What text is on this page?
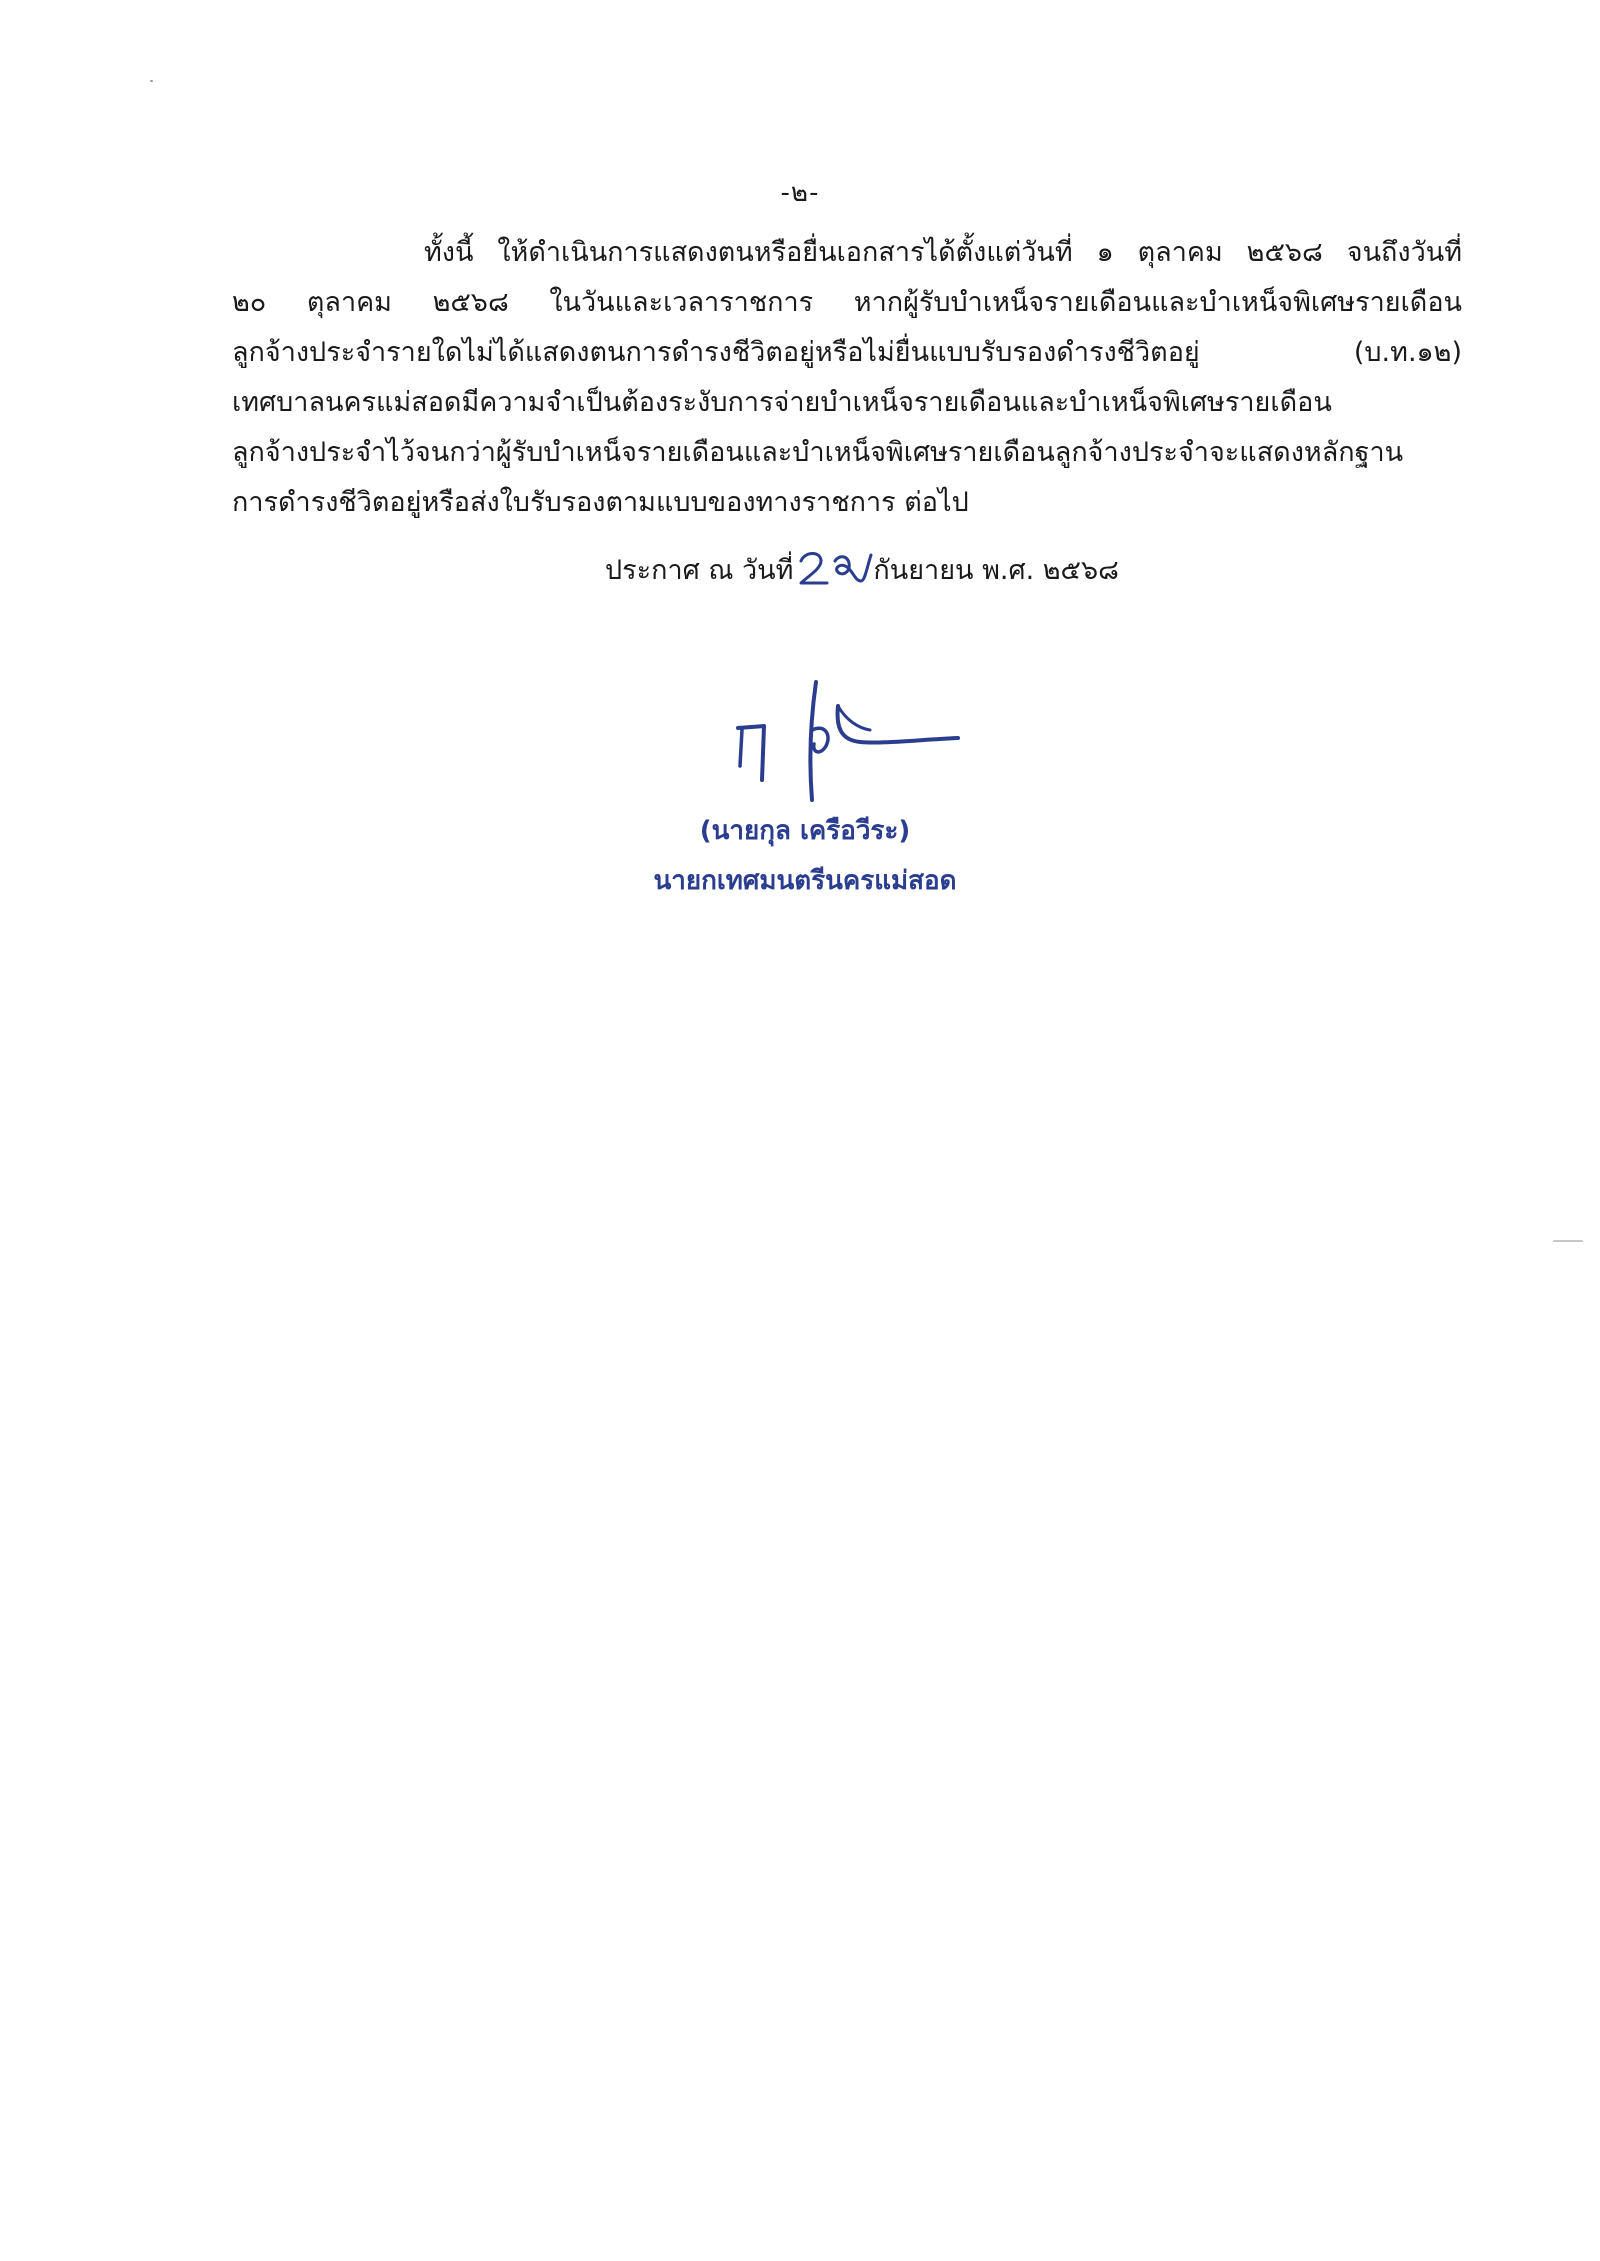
-๒-
ทั้งนี้ ให้ดำเนินการแสดงตนหรือยื่นเอกสารได้ตั้งแต่วันที่ ๑ ตุลาคม ๒๕๖๘ จนถึงวันที่
๒๐ ตุลาคม ๒๕๖๘ ในวันและเวลาราชการ หากผู้รับบำเหน็จรายเดือนและบำเหน็จพิเศษรายเดือน
ลูกจ้างประจำรายใดไม่ได้แสดงตนการดำรงชีวิตอยู่หรือไม่ยื่นแบบรับรองดำรงชีวิตอยู่ (บ.ท.๑๒)
เทศบาลนครแม่สอดมีความจำเป็นต้องระงับการจ่ายบำเหน็จรายเดือนและบำเหน็จพิเศษรายเดือน
ลูกจ้างประจำไว้จนกว่าผู้รับบำเหน็จรายเดือนและบำเหน็จพิเศษรายเดือนลูกจ้างประจำจะแสดงหลักฐาน
การดำรงชีวิตอยู่หรือส่งใบรับรองตามแบบของทางราชการ ต่อไป
ประกาศ ณ วันที่	กันยายน พ.ศ. ๒๕๖๘
(นายกุล เครือวีระ)
นายกเทศมนตรีนครแม่สอด
